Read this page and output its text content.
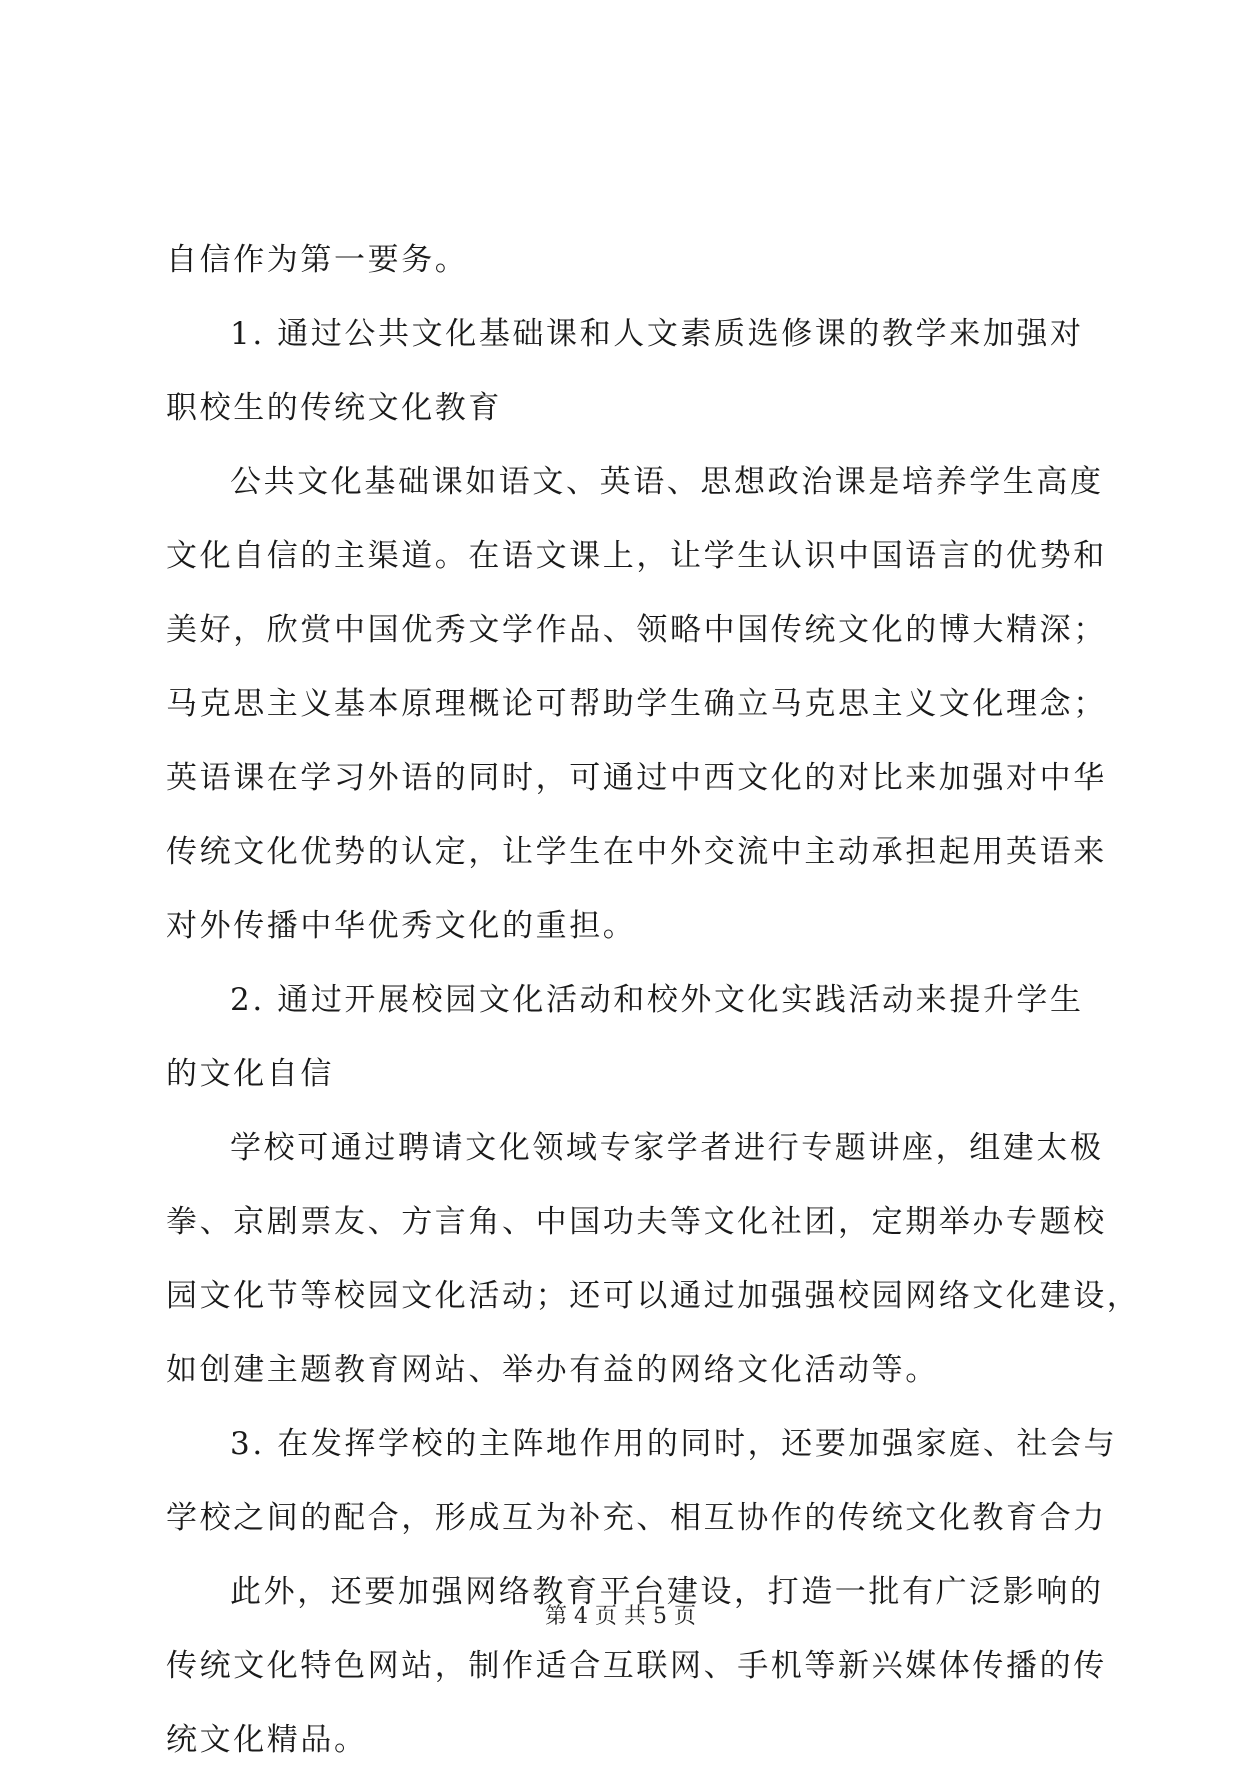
自信作为第一要务。
1. 通过公共文化基础课和人文素质选修课的教学来加强对
职校生的传统文化教育
公共文化基础课如语文、英语、思想政治课是培养学生高度
文化自信的主渠道。在语文课上，让学生认识中国语言的优势和
美好，欣赏中国优秀文学作品、领略中国传统文化的博大精深；
马克思主义基本原理概论可帮助学生确立马克思主义文化理念；
英语课在学习外语的同时，可通过中西文化的对比来加强对中华
传统文化优势的认定，让学生在中外交流中主动承担起用英语来
对外传播中华优秀文化的重担。
2. 通过开展校园文化活动和校外文化实践活动来提升学生
的文化自信
学校可通过聘请文化领域专家学者进行专题讲座，组建太极
拳、京剧票友、方言角、中国功夫等文化社团，定期举办专题校
园文化节等校园文化活动；还可以通过加强强校园网络文化建设，
如创建主题教育网站、举办有益的网络文化活动等。
3. 在发挥学校的主阵地作用的同时，还要加强家庭、社会与
学校之间的配合，形成互为补充、相互协作的传统文化教育合力
此外，还要加强网络教育平台建设，打造一批有广泛影响的
传统文化特色网站，制作适合互联网、手机等新兴媒体传播的传
统文化精品。
第 4 页 共 5 页
